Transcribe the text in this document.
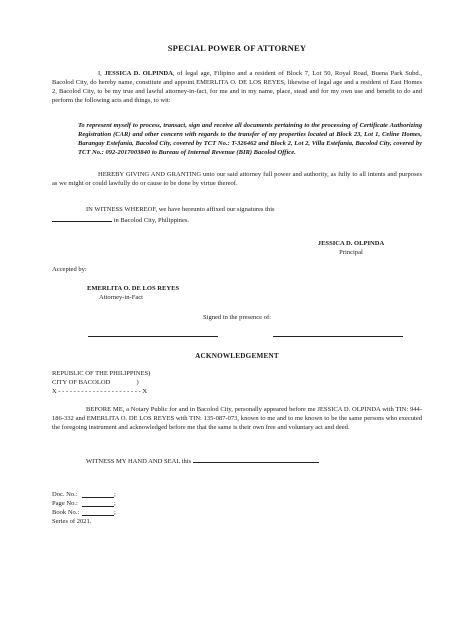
SPECIAL POWER OF ATTORNEY
I, JESSICA D. OLPINDA, of legal age, Filipino and a resident of Block 7, Lot 50, Royal Road, Buena Park Subd., Bacolod City, do hereby name, constitute and appoint EMERLITA O. DE LOS REYES, likewise of legal age and a resident of East Homes 2, Bacolod City, to be my true and lawful attorney-in-fact, for me and in my name, place, stead and for my own use and benefit to do and perform the following acts and things, to wit:
To represent myself to process, transact, sign and receive all documents pertaining to the processing of Certificate Authorizing Registration (CAR) and other concern with regards to the transfer of my properties located at Block 23, Lot 1, Celine Homes, Barangay Estefania, Bacolod City, covered by TCT No.: T-326462 and Block 2, Lot 2, Villa Estefania, Bacolod City, covered by TCT No.: 092-2017003840 to Bureau of Internal Revenue (BIR) Bacolod Office.
HEREBY GIVING AND GRANTING unto our said attorney full power and authority, as fully to all intents and purposes as we might or could lawfully do or cause to be done by virtue thereof.
IN WITNESS WHEREOF, we have hereunto affixed our signatures this
in Bacolod City, Philippines.
JESSICA D. OLPINDA
Principal
Accepted by:
EMERLITA O. DE LOS REYES
Attorney-in-Fact
Signed in the presence of:
ACKNOWLEDGEMENT
REPUBLIC OF THE PHILIPPINES)
CITY OF BACOLOD                )
X - - - - - - - - - - - - - - - - - - - - - - X
BEFORE ME, a Notary Public for and in Bacolod City, personally appeared before me JESSICA D. OLPINDA with TIN: 944-186-332 and EMERLITA O. DE LOS REYES with TIN: 135-087-073, known to me and to me known to be the same persons who executed the foregoing instrument and acknowledged before me that the same is their own free and voluntary act and deed.
WITNESS MY HAND AND SEAL this
Doc. No.:	;
Page No.:	;
Book No.:	;
Series of 2021.
